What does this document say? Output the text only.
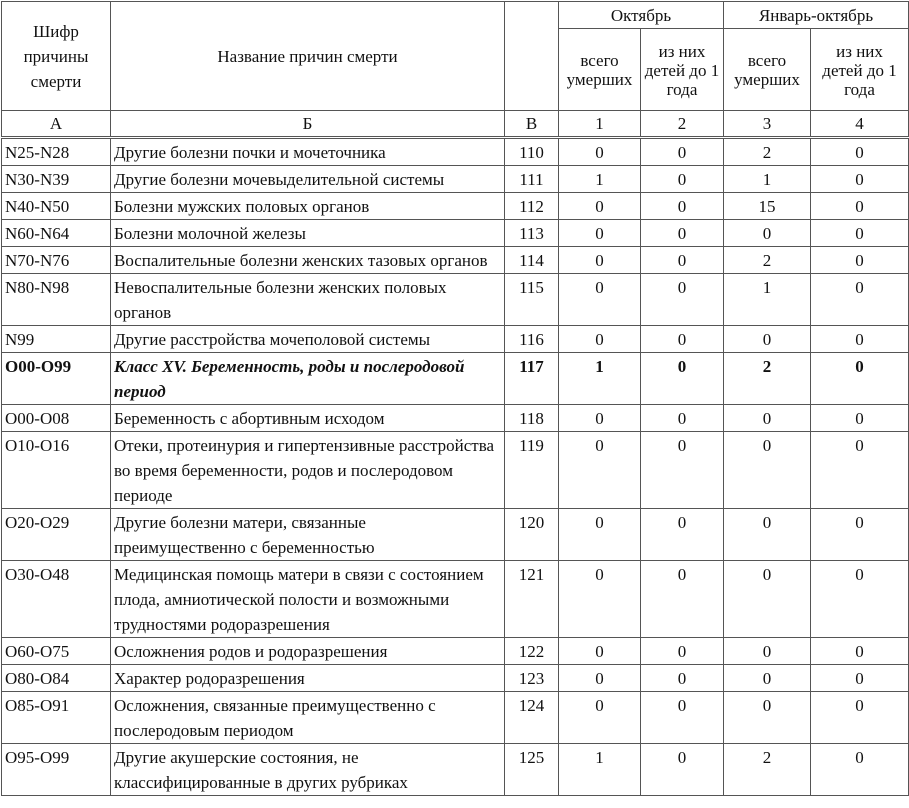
Шифр причины смерти	Название причин смерти		Октябрь		Январь-октябрь	
			всего умерших	из них детей до 1 года	всего умерших	из них детей до 1 года
А	Б	В	1	2	3	4
N25-N28	Другие болезни почки и мочеточника	110	0	0	2	0
N30-N39	Другие болезни мочевыделительной системы	111	1	0	1	0
N40-N50	Болезни мужских половых органов	112	0	0	15	0
N60-N64	Болезни молочной железы	113	0	0	0	0
N70-N76	Воспалительные болезни женских тазовых органов	114	0	0	2	0
N80-N98	Невоспалительные болезни женских половых органов	115	0	0	1	0
N99	Другие расстройства мочеполовой системы	116	0	0	0	0
O00-O99	Класс XV. Беременность, роды и послеродовой период	117	1	0	2	0
O00-O08	Беременность с абортивным исходом	118	0	0	0	0
O10-O16	Отеки, протеинурия и гипертензивные расстройства во время беременности, родов и послеродовом периоде	119	0	0	0	0
O20-O29	Другие болезни матери, связанные преимущественно с беременностью	120	0	0	0	0
O30-O48	Медицинская помощь матери в связи с состоянием плода, амниотической полости и возможными трудностями родоразрешения	121	0	0	0	0
O60-O75	Осложнения родов и родоразрешения	122	0	0	0	0
O80-O84	Характер родоразрешения	123	0	0	0	0
O85-O91	Осложнения, связанные преимущественно с послеродовым периодом	124	0	0	0	0
O95-O99	Другие акушерские состояния, не классифицированные в других рубриках	125	1	0	2	0
